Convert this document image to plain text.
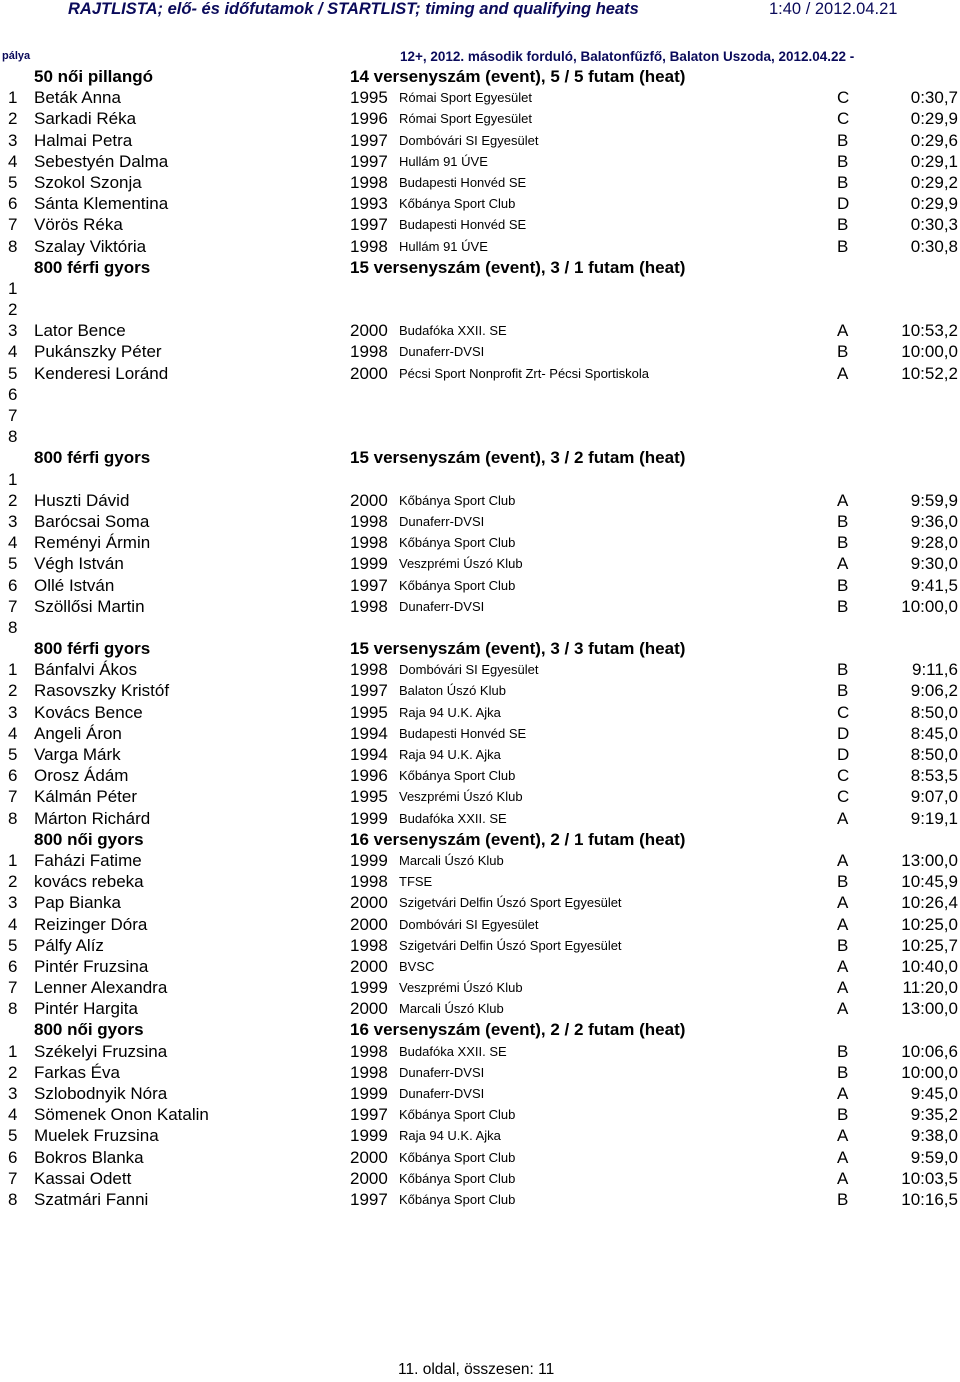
RAJTLISTA; elő- és időfutamok / STARTLIST; timing and qualifying heats	1:40 / 2012.04.21
pálya	12+, 2012. második forduló, Balatonfűzfő, Balaton Uszoda, 2012.04.22 -
50 női pillangó	14 versenyszám (event), 5 / 5 futam (heat)
1 Beták Anna	1995 Római Sport Egyesület	C	0:30,7
2 Sarkadi Réka	1996 Római Sport Egyesület	C	0:29,9
3 Halmai Petra	1997 Dombóvári SI Egyesület	B	0:29,6
4 Sebestyén Dalma	1997 Hullám 91 ÚVE	B	0:29,1
5 Szokol Szonja	1998 Budapesti Honvéd SE	B	0:29,2
6 Sánta Klementina	1993 Kőbánya Sport Club	D	0:29,9
7 Vörös Réka	1997 Budapesti Honvéd SE	B	0:30,3
8 Szalay Viktória	1998 Hullám 91 ÚVE	B	0:30,8
800 férfi gyors	15 versenyszám (event), 3 / 1 futam (heat)
1
2
3 Lator Bence	2000 Budafóka XXII. SE	A	10:53,2
4 Pukánszky Péter	1998 Dunaferr-DVSI	B	10:00,0
5 Kenderesi Loránd	2000 Pécsi Sport Nonprofit Zrt- Pécsi Sportiskola	A	10:52,2
6
7
8
800 férfi gyors	15 versenyszám (event), 3 / 2 futam (heat)
1
2 Huszti Dávid	2000 Kőbánya Sport Club	A	9:59,9
3 Barócsai Soma	1998 Dunaferr-DVSI	B	9:36,0
4 Reményi Ármin	1998 Kőbánya Sport Club	B	9:28,0
5 Végh István	1999 Veszprémi Úszó Klub	A	9:30,0
6 Ollé István	1997 Kőbánya Sport Club	B	9:41,5
7 Szöllősi Martin	1998 Dunaferr-DVSI	B	10:00,0
8
800 férfi gyors	15 versenyszám (event), 3 / 3 futam (heat)
1 Bánfalvi Ákos	1998 Dombóvári SI Egyesület	B	9:11,6
2 Rasovszky Kristóf	1997 Balaton Úszó Klub	B	9:06,2
3 Kovács Bence	1995 Raja 94 U.K. Ajka	C	8:50,0
4 Angeli Áron	1994 Budapesti Honvéd SE	D	8:45,0
5 Varga Márk	1994 Raja 94 U.K. Ajka	D	8:50,0
6 Orosz Ádám	1996 Kőbánya Sport Club	C	8:53,5
7 Kálmán Péter	1995 Veszprémi Úszó Klub	C	9:07,0
8 Márton Richárd	1999 Budafóka XXII. SE	A	9:19,1
800 női gyors	16 versenyszám (event), 2 / 1 futam (heat)
1 Faházi Fatime	1999 Marcali Úszó Klub	A	13:00,0
2 kovács rebeka	1998 TFSE	B	10:45,9
3 Pap Bianka	2000 Szigetvári Delfin Úszó Sport Egyesület	A	10:26,4
4 Reizinger Dóra	2000 Dombóvári SI Egyesület	A	10:25,0
5 Pálfy Alíz	1998 Szigetvári Delfin Úszó Sport Egyesület	B	10:25,7
6 Pintér Fruzsina	2000 BVSC	A	10:40,0
7 Lenner Alexandra	1999 Veszprémi Úszó Klub	A	11:20,0
8 Pintér Hargita	2000 Marcali Úszó Klub	A	13:00,0
800 női gyors	16 versenyszám (event), 2 / 2 futam (heat)
1 Székelyi Fruzsina	1998 Budafóka XXII. SE	B	10:06,6
2 Farkas Éva	1998 Dunaferr-DVSI	B	10:00,0
3 Szlobodnyik Nóra	1999 Dunaferr-DVSI	A	9:45,0
4 Sömenek Onon Katalin	1997 Kőbánya Sport Club	B	9:35,2
5 Muelek Fruzsina	1999 Raja 94 U.K. Ajka	A	9:38,0
6 Bokros Blanka	2000 Kőbánya Sport Club	A	9:59,0
7 Kassai Odett	2000 Kőbánya Sport Club	A	10:03,5
8 Szatmári Fanni	1997 Kőbánya Sport Club	B	10:16,5
11. oldal, összesen: 11
